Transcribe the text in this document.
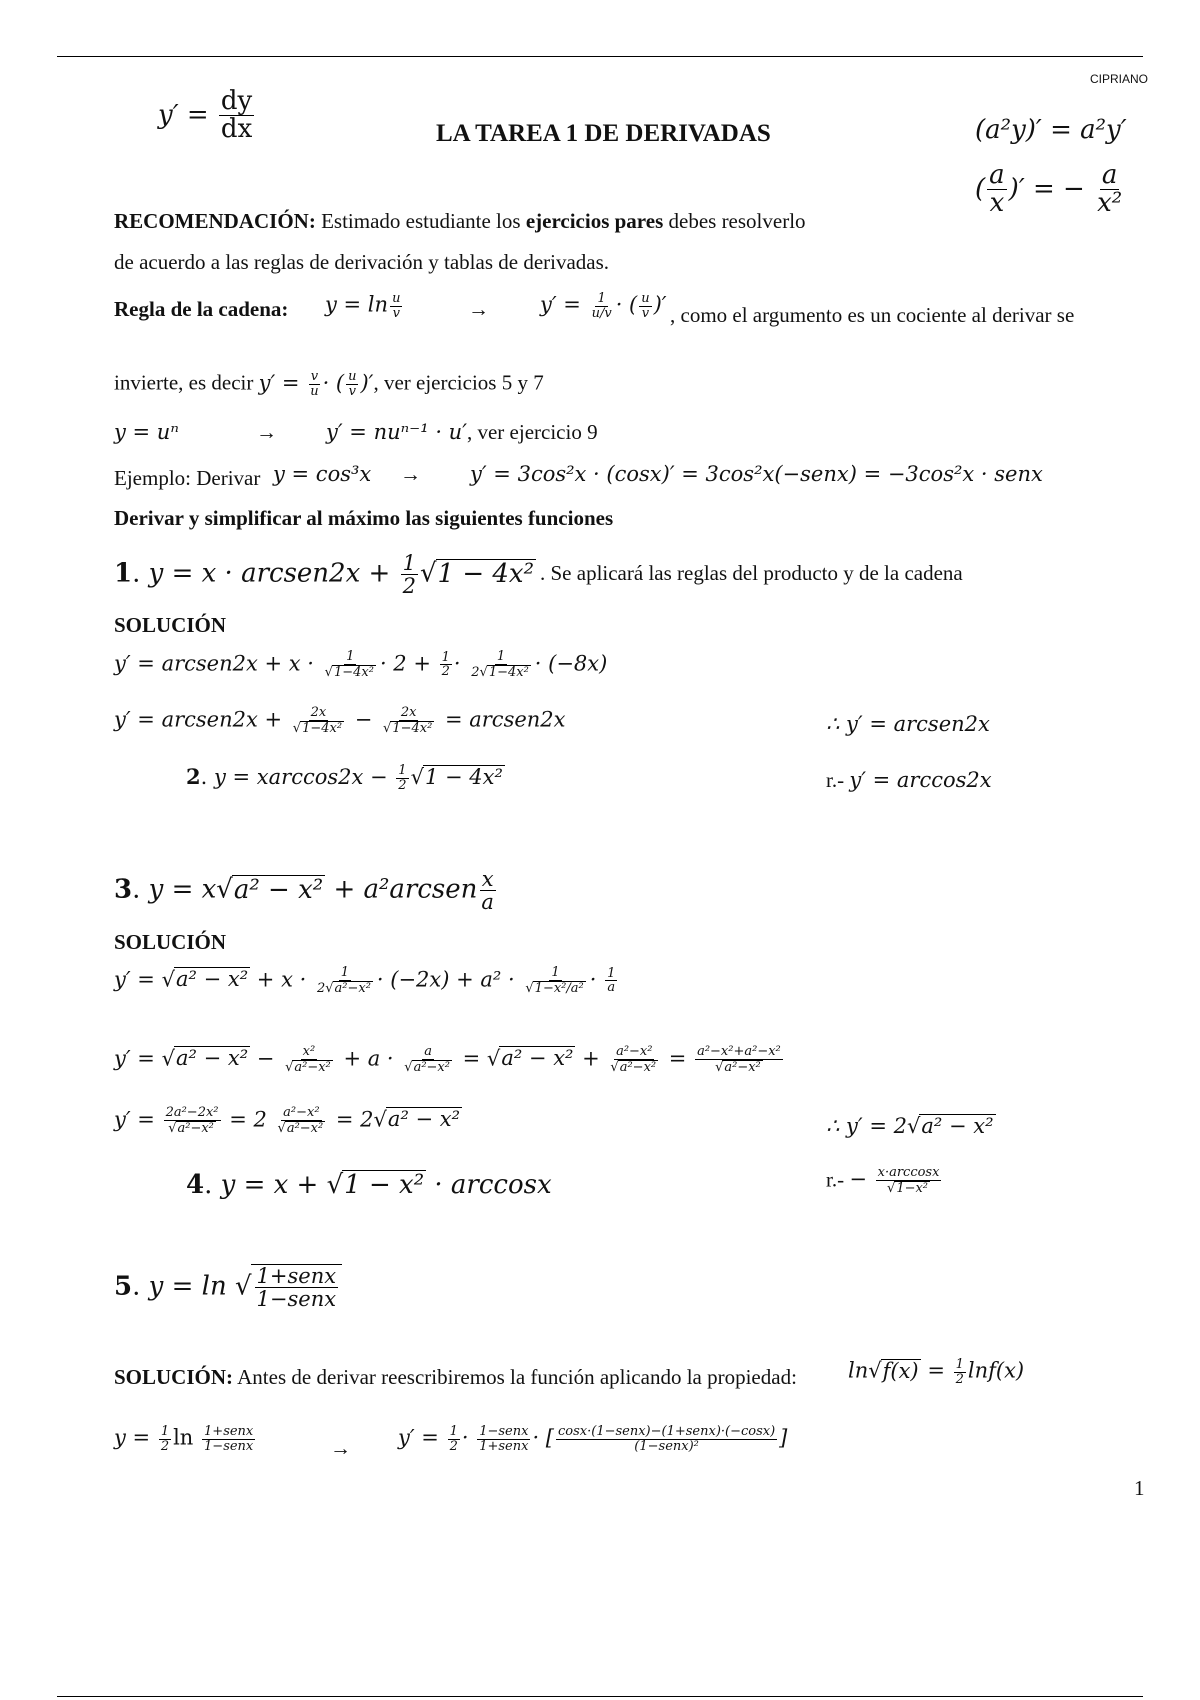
CIPRIANO
$y' = \frac{dy}{dx}$	LA TAREA 1 DE DERIVADAS	(a²y)′ = a²y′
( $\frac{a}{x}$ )′ = − $\frac{a}{\text{x²}}$
RECOMENDACIÓN: Estimado estudiante los ejercicios pares debes resolverlo
de acuerdo a las reglas de derivación y tablas de derivadas.
Regla de la cadena: $y = \ln \frac{u}{v}$	→ $y' = \frac{1}{u/v}$ · ( $\frac{u}{v}$ )′ , como el argumento es un cociente al derivar se
invierte, es decir $y' = \frac{v}{u}$ · ( $\frac{u}{v}$ )′, ver ejercicios 5 y 7
y = uⁿ	→ y′ = nuⁿ⁻¹ · u′, ver ejercicio 9
Ejemplo: Derivar y = cos³x → y′ = 3cos²x · (cosx)′ = 3cos²x(−senx) = −3cos²x · senx
Derivar y simplificar al máximo las siguientes funciones
1. y = x · arcsen2x + $\frac{1}{2} √1 - 4x^2$ . Se aplicará las reglas del producto y de la cadena
SOLUCIÓN
y′ = arcsen2x + $x \cdot \frac{1}{\text{√1−4x²}} \cdot 2 + \frac{1}{2} \cdot \frac{1}{\text{2√1−4x²}} \cdot (-8x)$
y′ = arcsen2x + $\frac{2x}{\text{√1−4x²}} - \frac{2x}{\text{√1−4x²}}$ = arcsen2x	∴ y′ = arcsen2x
2. $y = xarccos2x - \frac{1}{2} √1 - 4x^2$	r.- y′ = arccos2x
3. y = x√a² − x² + a²arcsen $\frac{x}{a}$
SOLUCIÓN
$y' = √a^2 - x^2 + x \cdot \frac{1}{\text{2√a²−x²}} \cdot (-2x) + a^2 \cdot \frac{1}{\text{√1−x²/a²}} \cdot \frac{1}{a}$
$y' = √a^2 - x^2 - \frac{\text{x²}}{\text{√a²−x²}} + a \cdot \frac{a}{\text{√a²−x²}} = √a^2 - x^2 + \frac{\text{a²−x²}}{\text{√a²−x²}} = \frac{\text{a²−x²+a²−x²}}{\text{√a²−x²}}$
$y' = \frac{\text{2a²−2x²}}{\text{√a²−x²}} = 2 \frac{\text{a²−x²}}{\text{√a²−x²}} = 2√a^2 - x^2$	∴ y′ = 2√a² − x²
4. y = x + √1 − x² · arccosx	$r.- - \frac{x\cdot\arccos x}{\text{√1−x²}}$
5. y = ln √ $\frac{\text{1+senx}}{\text{1−senx}}$
SOLUCIÓN: Antes de derivar reescribiremos la función aplicando la propiedad: $\ln√f(x) = \frac{1}{2} \ln f(x)$
$y = \frac{1}{2}$ $\ln \frac{\text{1+senx}}{\text{1−senx}}$	→ $y' = \frac{1}{2} \cdot \frac{\text{1−senx}}{\text{1+senx}}$ · [ $\frac{\text{cosx·(1−senx)−(1+senx)·(−cosx)}}{\text{(1−senx)²}}$ ]
1
